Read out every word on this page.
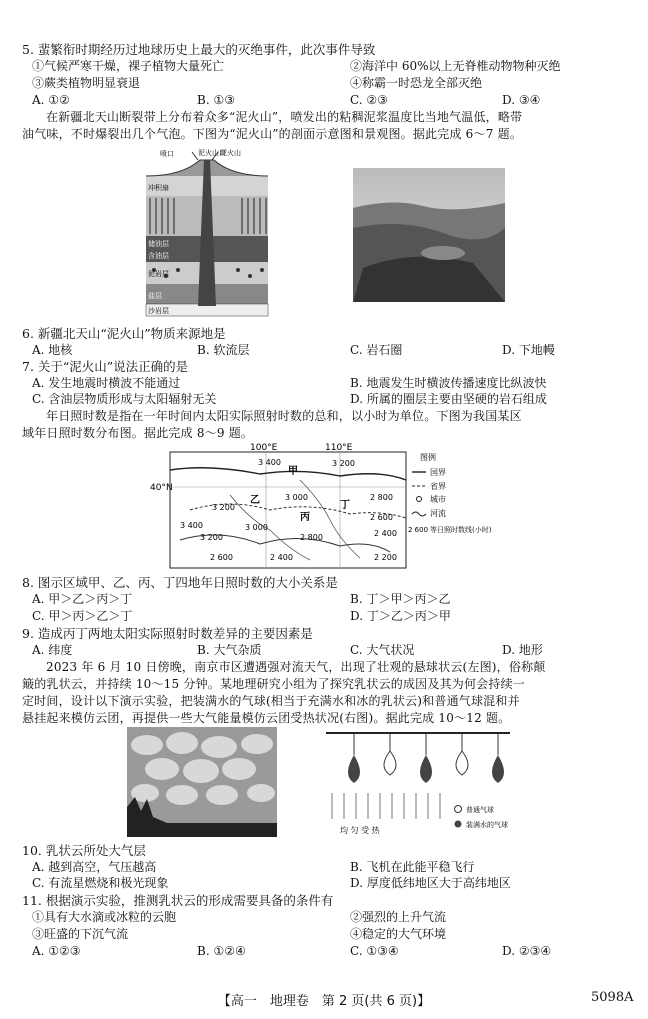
5. 蜚繁衔时期经历过地球历史上最大的灭绝事件，此次事件导致
①气候严寒干燥，裸子植物大量死亡	②海洋中 60%以上无脊椎动物物种灭绝
③蕨类植物明显衰退	④称霸一时恐龙全部灭绝
A. ①②	B. ①③	C. ②③	D. ③④
在新疆北天山断裂带上分布着众多“泥火山”，喷发出的粘稠泥浆温度比当地气温低，略带
油气味，不时爆裂出几个气泡。下图为“泥火山”的剖面示意图和景观图。据此完成 6～7 题。
喷口	泥火山口
冲积扇
泥火山
储油层
含油层
泥岩层
盐层
沙岩层
6. 新疆北天山“泥火山”物质来源地是
A. 地核	B. 软流层	C. 岩石圈	D. 下地幔
7. 关于“泥火山”说法正确的是
A. 发生地震时横波不能通过	B. 地震发生时横波传播速度比纵波快
C. 含油层物质形成与太阳辐射无关	D. 所属的圈层主要由坚硬的岩石组成
年日照时数是指在一年时间内太阳实际照射时数的总和，以小时为单位。下图为我国某区
域年日照时数分布图。据此完成 8～9 题。
100°E	110°E
40°N
3 400	3 200
3 000
3 200
2 800
3 400
3 200
3 000
2 800
2 600
2 400
2 200
2 600	2 400
甲
乙
丙
丁
图例
国界
省界
城市
河流
2 600 等日照时数线(小时)
8. 图示区域甲、乙、丙、丁四地年日照时数的大小关系是
A. 甲＞乙＞丙＞丁	B. 丁＞甲＞丙＞乙
C. 甲＞丙＞乙＞丁	D. 丁＞乙＞丙＞甲
9. 造成丙丁两地太阳实际照射时数差异的主要因素是
A. 纬度	B. 大气杂质	C. 大气状况	D. 地形
2023 年 6 月 10 日傍晚，南京市区遭遇强对流天气，出现了壮观的悬球状云(左图)，俗称颠
簸的乳状云，并持续 10～15 分钟。某地理研究小组为了探究乳状云的成因及其为何会持续一
定时间，设计以下演示实验，把装满水的气球(相当于充满水和冰的乳状云)和普通气球混和并
悬挂起来模仿云团，再提供一些大气能量模仿云团受热状况(右图)。据此完成 10～12 题。
均 匀 受 热
普通气球
装满水的气球
10. 乳状云所处大气层
A. 越到高空，气压越高	B. 飞机在此能平稳飞行
C. 有流星燃烧和极光现象	D. 厚度低纬地区大于高纬地区
11. 根据演示实验，推测乳状云的形成需要具备的条件有
①具有大水滴或冰粒的云胞	②强烈的上升气流
③旺盛的下沉气流	④稳定的大气环境
A. ①②③	B. ①②④	C. ①③④	D. ②③④
【高一　地理卷　第 2 页(共 6 页)】	5098A
